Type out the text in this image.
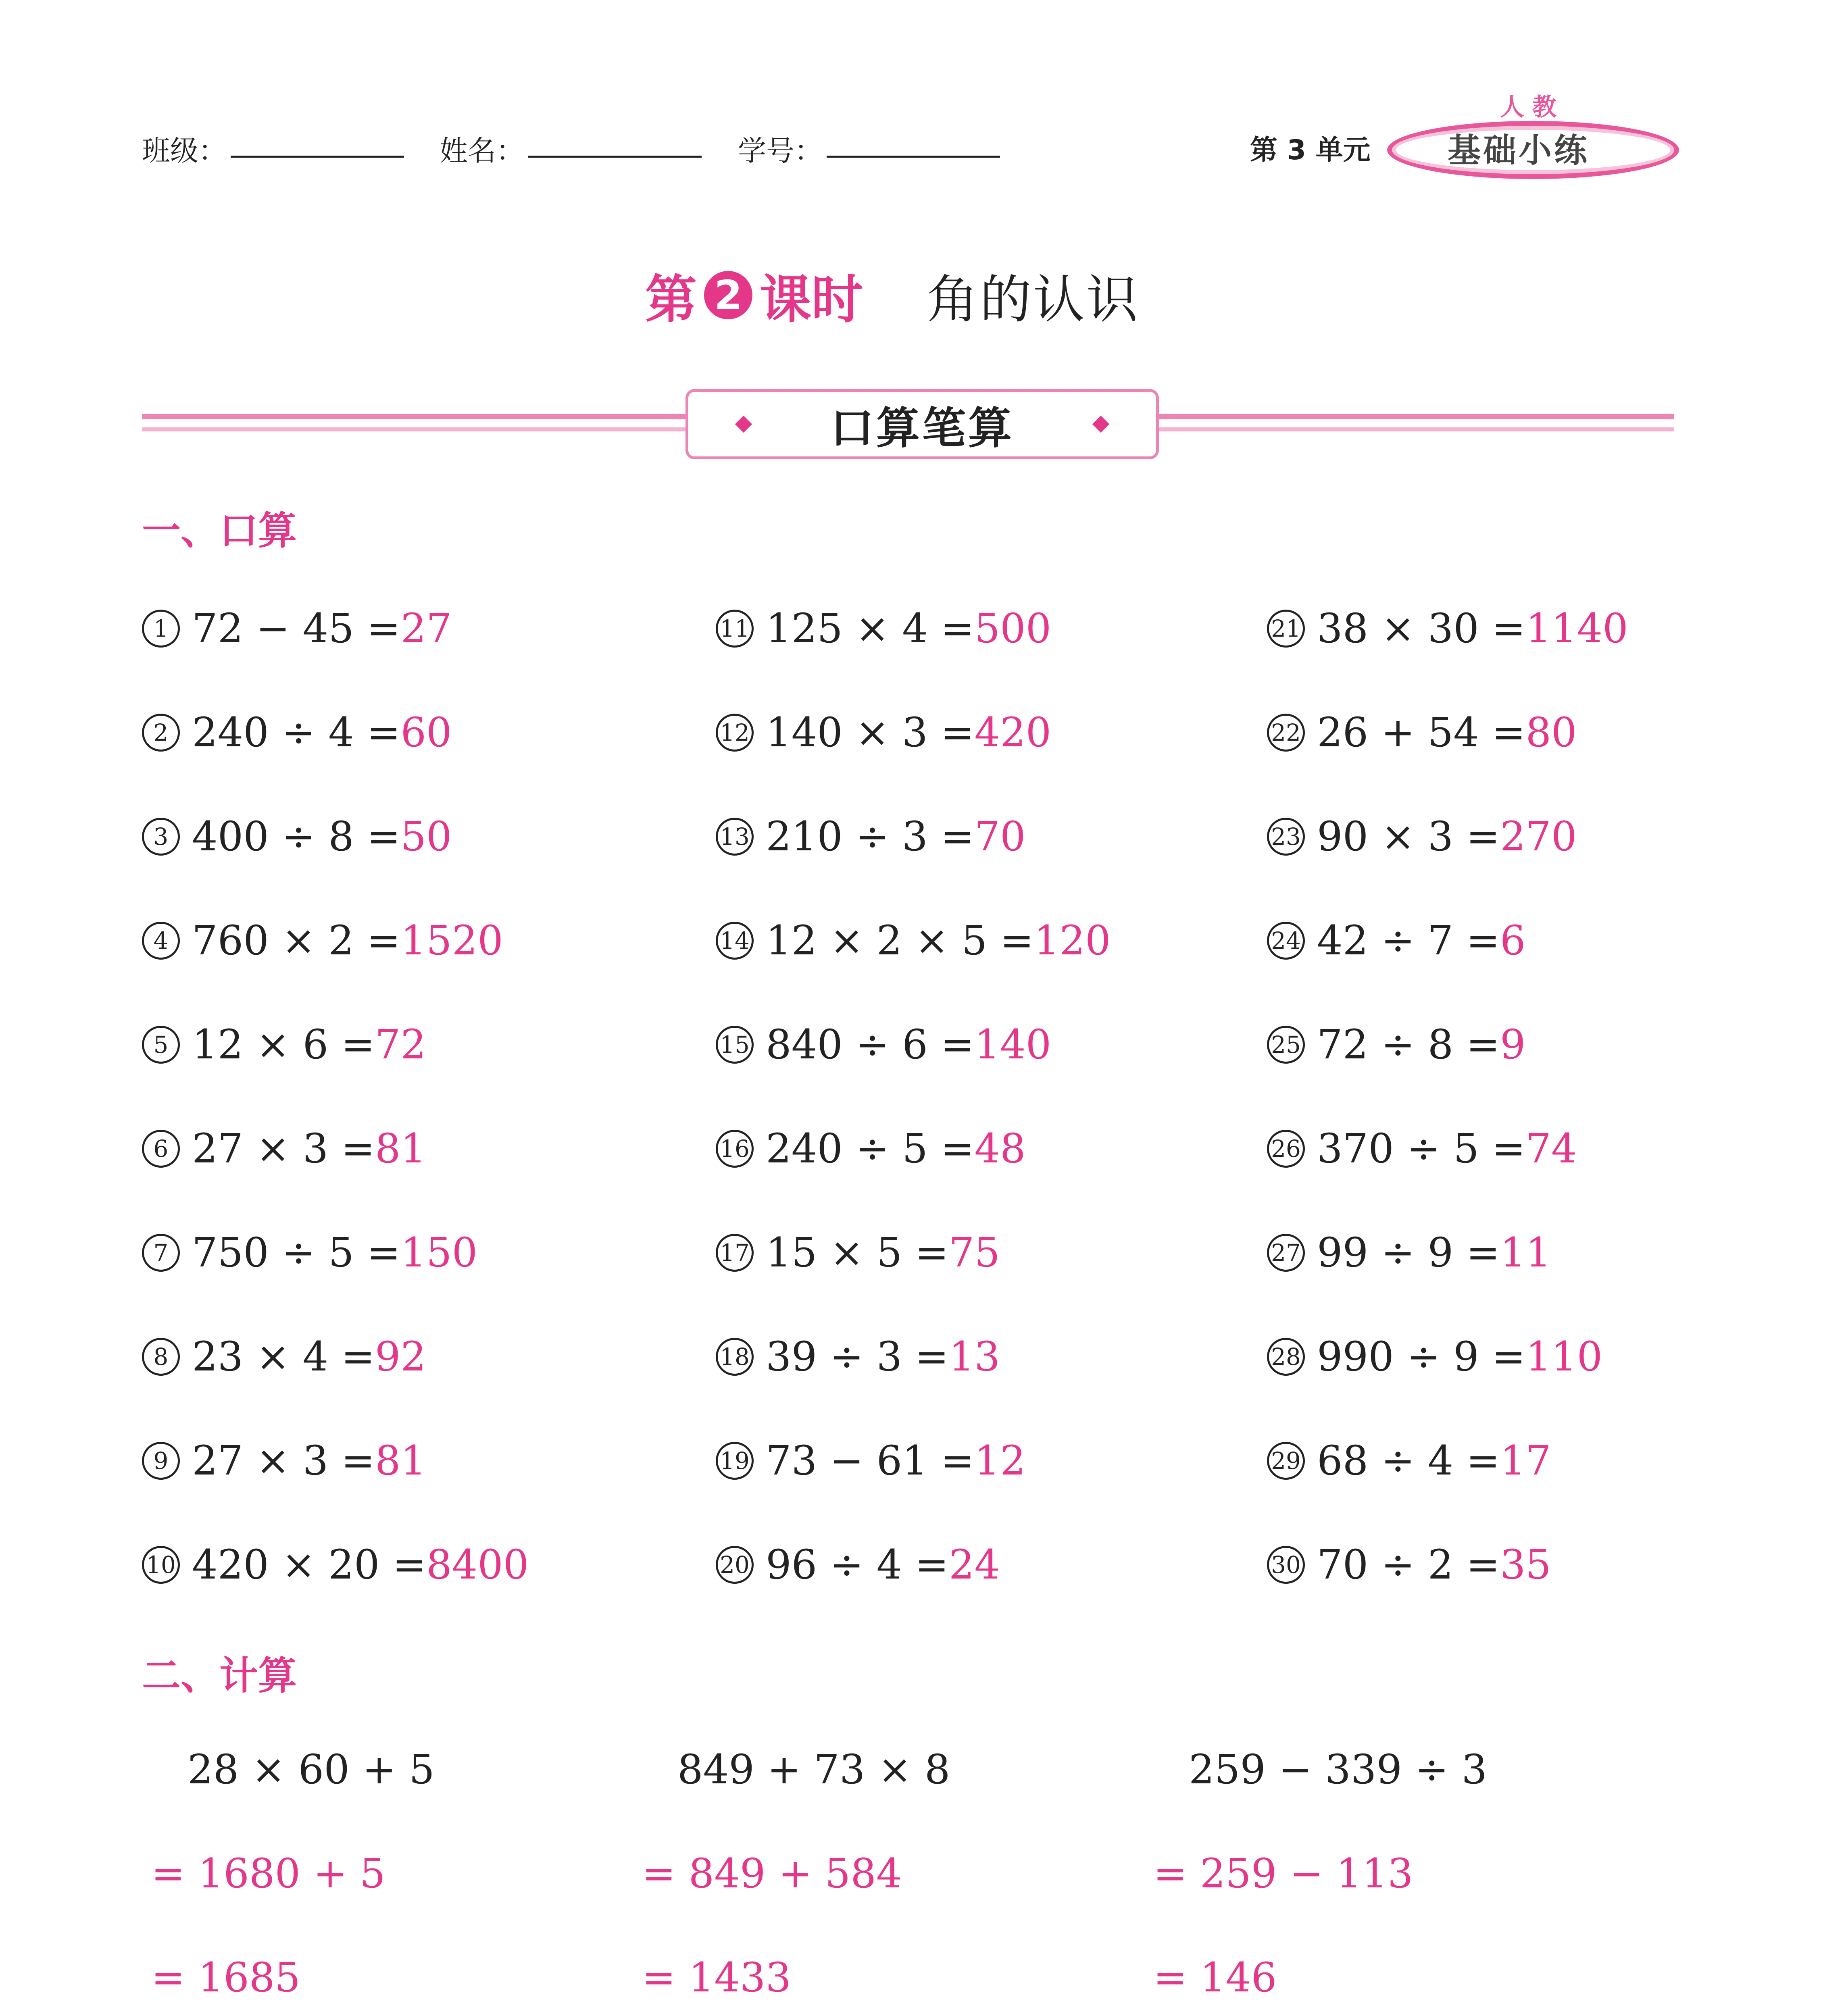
班级：	姓名：	学号：	第 3 单元 基础小练
人教
第 2 课时 角的认识
口算笔算
一、口算
1 72 − 45 = 27
2 240 ÷ 4 = 60
3 400 ÷ 8 = 50
4 760 × 2 = 1520
5 12 × 6 = 72
6 27 × 3 = 81
7 750 ÷ 5 = 150
8 23 × 4 = 92
9 27 × 3 = 81
10 420 × 20 = 8400
11 125 × 4 = 500
12 140 × 3 = 420
13 210 ÷ 3 = 70
14 12 × 2 × 5 = 120
15 840 ÷ 6 = 140
16 240 ÷ 5 = 48
17 15 × 5 = 75
18 39 ÷ 3 = 13
19 73 − 61 = 12
20 96 ÷ 4 = 24
21 38 × 30 = 1140
22 26 + 54 = 80
23 90 × 3 = 270
24 42 ÷ 7 = 6
25 72 ÷ 8 = 9
26 370 ÷ 5 = 74
27 99 ÷ 9 = 11
28 990 ÷ 9 = 110
29 68 ÷ 4 = 17
30 70 ÷ 2 = 35
二、计算
28 × 60 + 5
= 1680 + 5
= 1685
849 + 73 × 8
= 849 + 584
= 1433
259 − 339 ÷ 3
= 259 − 113
= 146
